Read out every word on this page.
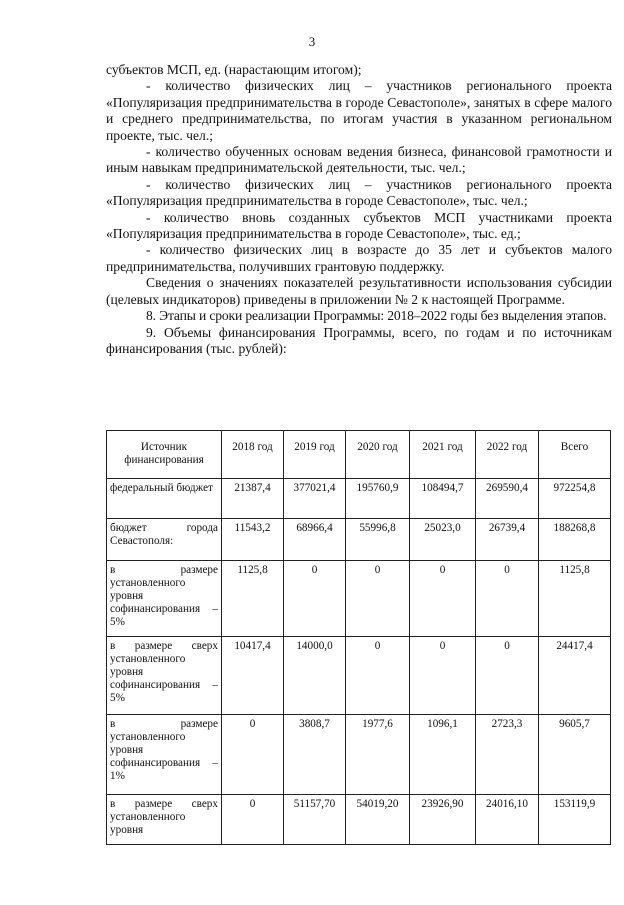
3

субъектов МСП, ед. (нарастающим итогом);

- количество физических лиц – участников регионального проекта «Популяризация предпринимательства в городе Севастополе», занятых в сфере малого и среднего предпринимательства, по итогам участия в указанном региональном проекте, тыс. чел.;

- количество обученных основам ведения бизнеса, финансовой грамотности и иным навыкам предпринимательской деятельности, тыс. чел.;

- количество физических лиц – участников регионального проекта «Популяризация предпринимательства в городе Севастополе», тыс. чел.;

- количество вновь созданных субъектов МСП участниками проекта «Популяризация предпринимательства в городе Севастополе», тыс. ед.;

- количество физических лиц в возрасте до 35 лет и субъектов малого предпринимательства, получивших грантовую поддержку.

Сведения о значениях показателей результативности использования субсидии (целевых индикаторов) приведены в приложении № 2 к настоящей Программе.

8. Этапы и сроки реализации Программы: 2018–2022 годы без выделения этапов.

9. Объемы финансирования Программы, всего, по годам и по источникам финансирования (тыс. рублей):

Источник финансирования	2018 год	2019 год	2020 год	2021 год	2022 год	Всего
федеральный бюджет	21387,4	377021,4	195760,9	108494,7	269590,4	972254,8
бюджет города Севастополя:	11543,2	68966,4	55996,8	25023,0	26739,4	188268,8
в размере установленного уровня софинансирования – 5%	1125,8	0	0	0	0	1125,8
в размере сверх установленного уровня софинансирования – 5%	10417,4	14000,0	0	0	0	24417,4
в размере установленного уровня софинансирования – 1%	0	3808,7	1977,6	1096,1	2723,3	9605,7
в размере сверх установленного уровня	0	51157,70	54019,20	23926,90	24016,10	153119,9
